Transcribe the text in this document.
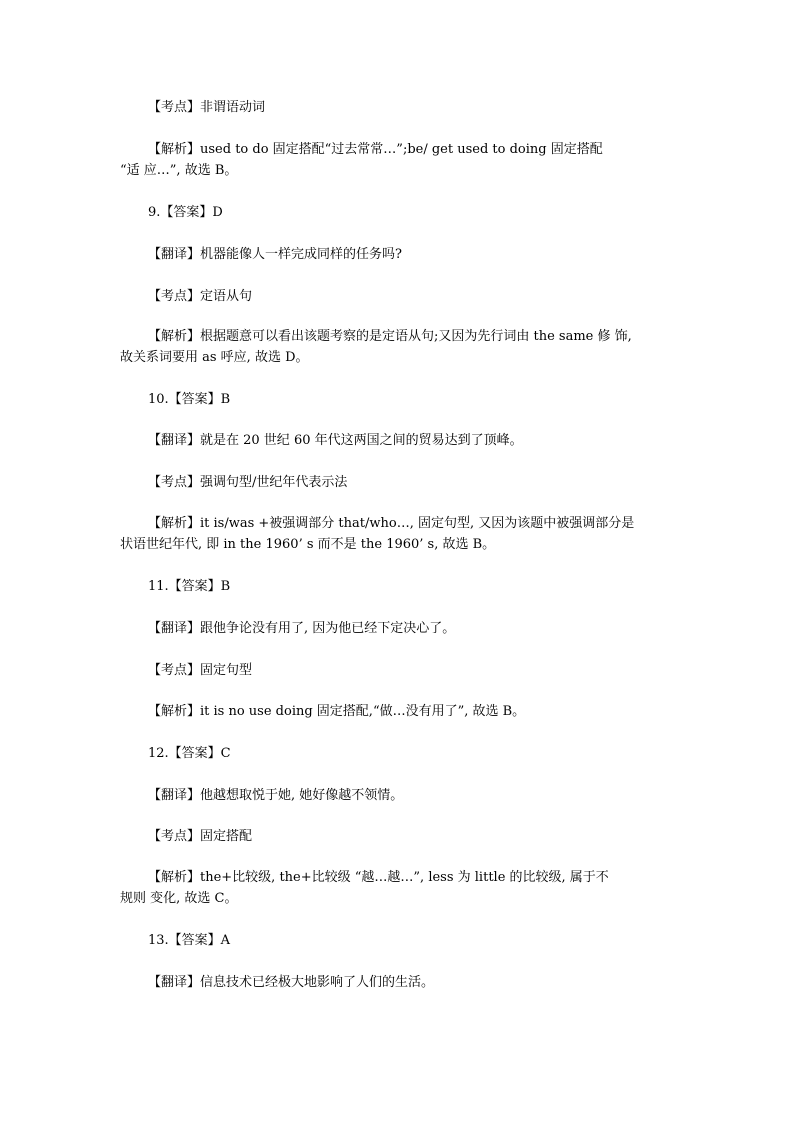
【考点】非谓语动词
【解析】used to do 固定搭配“过去常常…”;be/ get used to doing 固定搭配
“适 应…”, 故选 B。
9.【答案】D
【翻译】机器能像人一样完成同样的任务吗?
【考点】定语从句
【解析】根据题意可以看出该题考察的是定语从句;又因为先行词由 the same 修 饰,
故关系词要用 as 呼应, 故选 D。
10.【答案】B
【翻译】就是在 20 世纪 60 年代这两国之间的贸易达到了顶峰。
【考点】强调句型/世纪年代表示法
【解析】it is/was +被强调部分 that/who…, 固定句型, 又因为该题中被强调部分是
状语世纪年代, 即 in the 1960’ s 而不是 the 1960’ s, 故选 B。
11.【答案】B
【翻译】跟他争论没有用了, 因为他已经下定决心了。
【考点】固定句型
【解析】it is no use doing 固定搭配,“做…没有用了”, 故选 B。
12.【答案】C
【翻译】他越想取悦于她, 她好像越不领情。
【考点】固定搭配
【解析】the+比较级, the+比较级 “越…越…”, less 为 little 的比较级, 属于不
规则 变化, 故选 C。
13.【答案】A
【翻译】信息技术已经极大地影响了人们的生活。
